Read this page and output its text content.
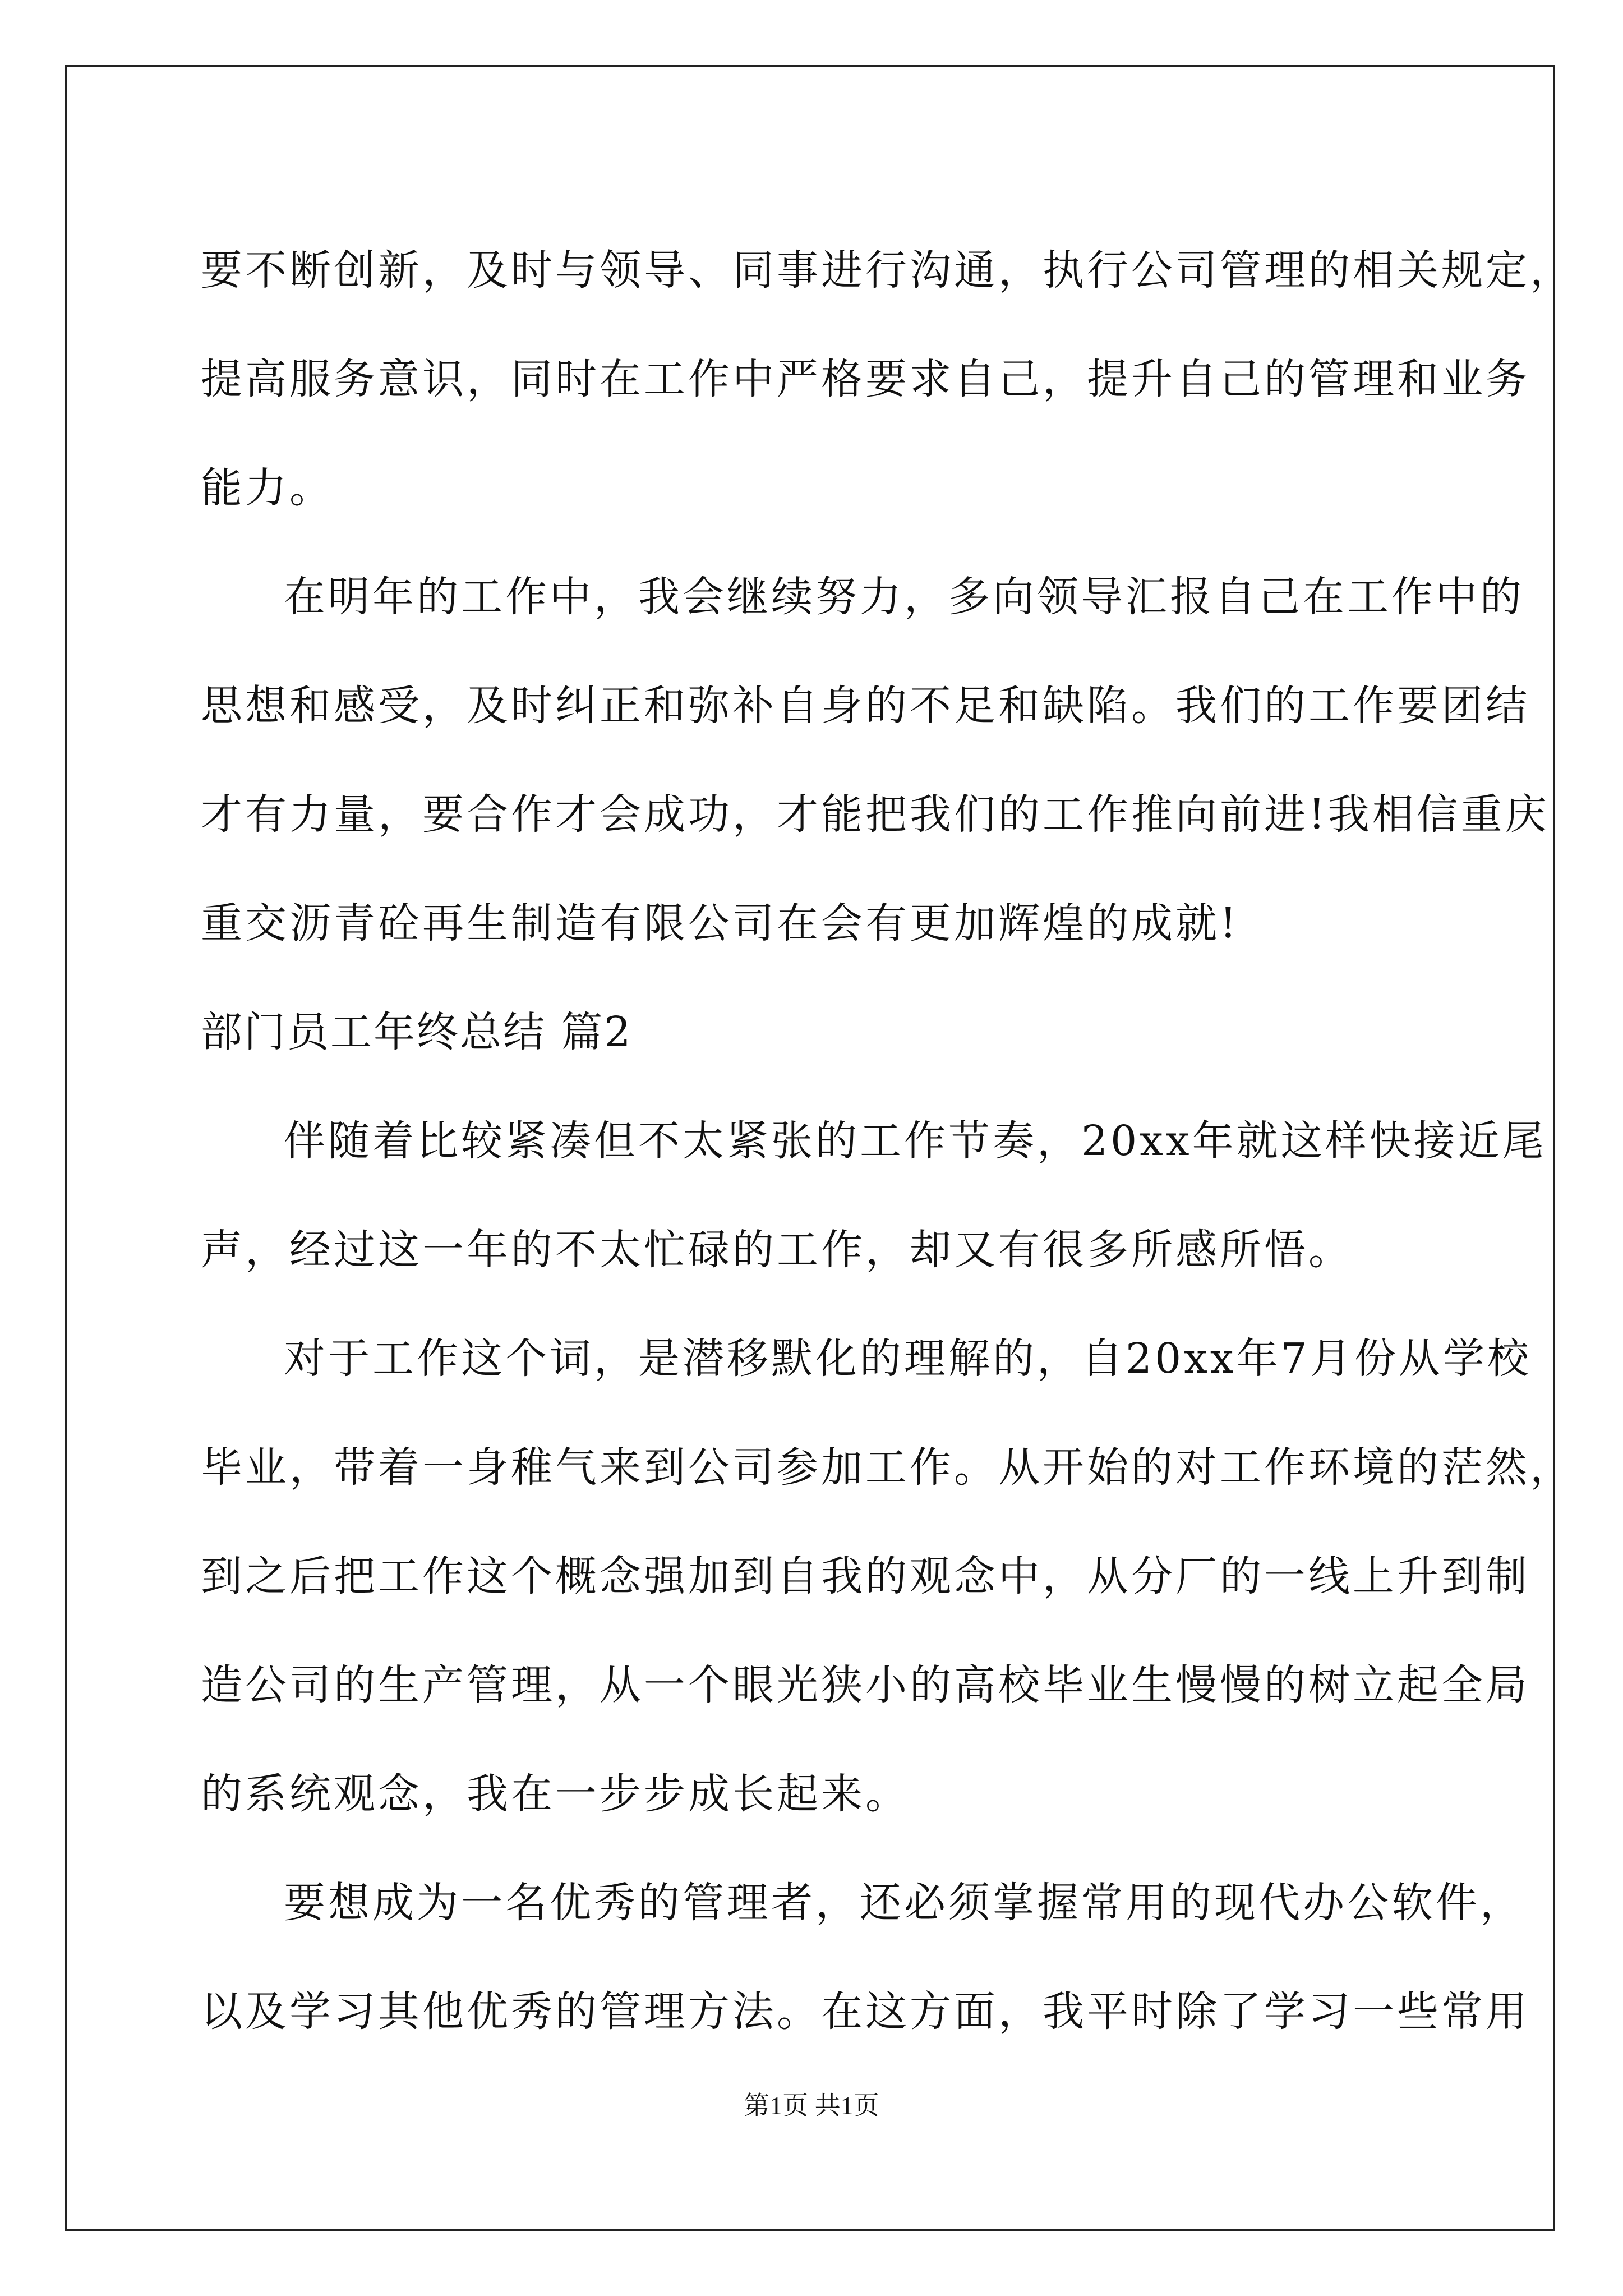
要不断创新，及时与领导、同事进行沟通，执行公司管理的相关规定，
提高服务意识，同时在工作中严格要求自己，提升自己的管理和业务
能力。
在明年的工作中，我会继续努力，多向领导汇报自己在工作中的
思想和感受，及时纠正和弥补自身的不足和缺陷。我们的工作要团结
才有力量，要合作才会成功，才能把我们的工作推向前进!我相信重庆
重交沥青砼再生制造有限公司在会有更加辉煌的成就!
部门员工年终总结 篇2
伴随着比较紧凑但不太紧张的工作节奏，20xx年就这样快接近尾
声，经过这一年的不太忙碌的工作，却又有很多所感所悟。
对于工作这个词，是潜移默化的理解的，自20xx年7月份从学校
毕业，带着一身稚气来到公司参加工作。从开始的对工作环境的茫然，
到之后把工作这个概念强加到自我的观念中，从分厂的一线上升到制
造公司的生产管理，从一个眼光狭小的高校毕业生慢慢的树立起全局
的系统观念，我在一步步成长起来。
要想成为一名优秀的管理者，还必须掌握常用的现代办公软件，
以及学习其他优秀的管理方法。在这方面，我平时除了学习一些常用
第1页 共1页
